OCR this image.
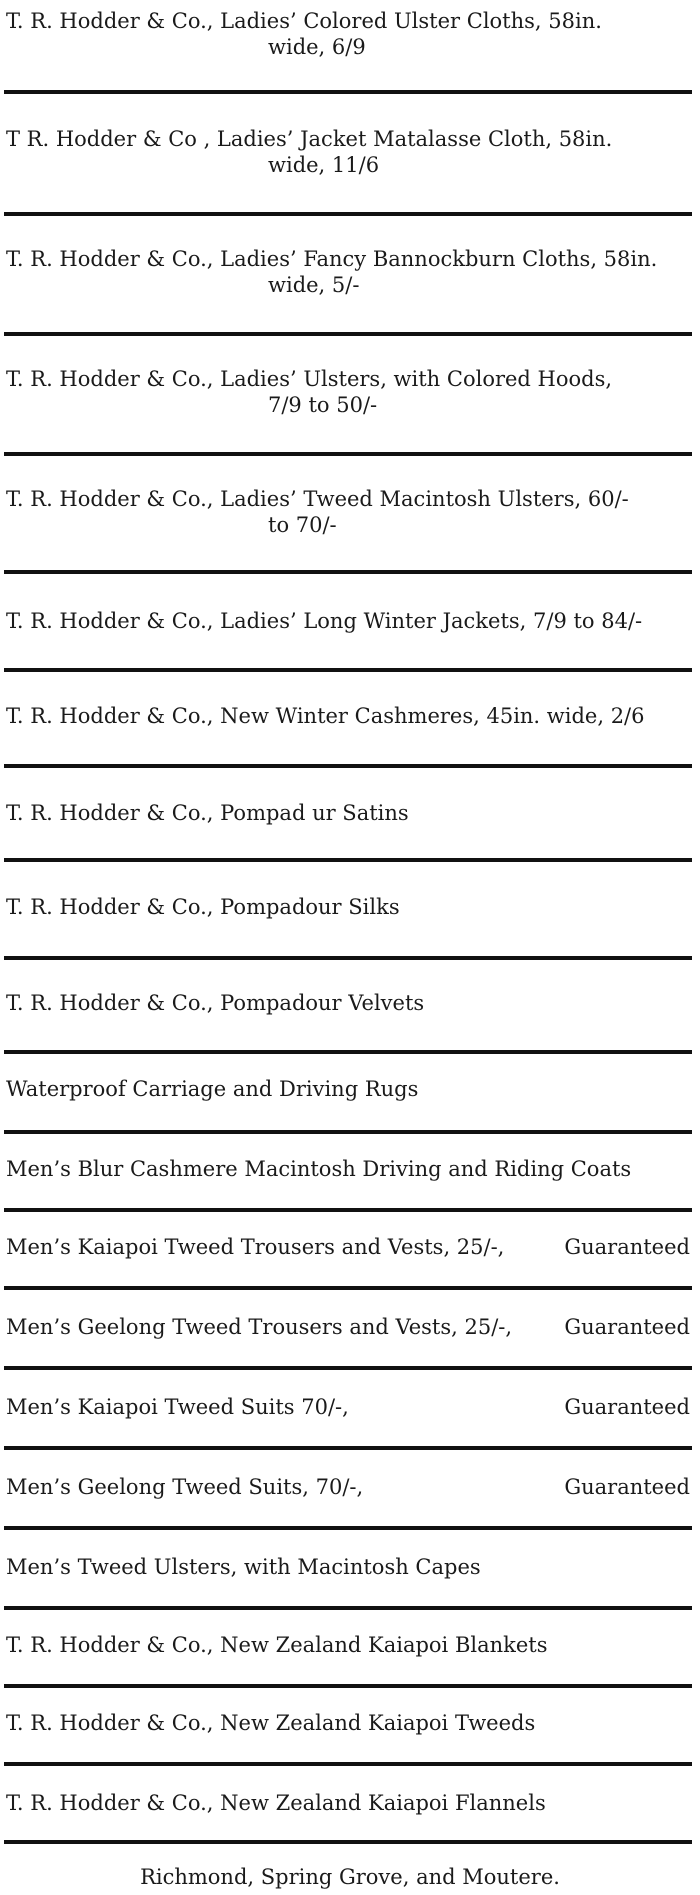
T. R. Hodder & Co., Ladies’ Colored Ulster Cloths, 58in.
wide, 6/9
T R. Hodder & Co , Ladies’ Jacket Matalasse Cloth, 58in.
wide, 11/6
T. R. Hodder & Co., Ladies’ Fancy Bannockburn Cloths, 58in.
wide, 5/-
T. R. Hodder & Co., Ladies’ Ulsters, with Colored Hoods,
7/9 to 50/-
T. R. Hodder & Co., Ladies’ Tweed Macintosh Ulsters, 60/-
to 70/-
T. R. Hodder & Co., Ladies’ Long Winter Jackets, 7/9 to 84/-
T. R. Hodder & Co., New Winter Cashmeres, 45in. wide, 2/6
T. R. Hodder & Co., Pompad ur Satins
T. R. Hodder & Co., Pompadour Silks
T. R. Hodder & Co., Pompadour Velvets
Waterproof Carriage and Driving Rugs
Men’s Blur Cashmere Macintosh Driving and Riding Coats
Men’s Kaiapoi Tweed Trousers and Vests, 25/-,	Guaranteed
Men’s Geelong Tweed Trousers and Vests, 25/-, Guaranteed
Men’s Kaiapoi Tweed Suits 70/-,	Guaranteed
Men’s Geelong Tweed Suits, 70/-,	Guaranteed
Men’s Tweed Ulsters, with Macintosh Capes
T. R. Hodder & Co., New Zealand Kaiapoi Blankets
T. R. Hodder & Co., New Zealand Kaiapoi Tweeds
T. R. Hodder & Co., New Zealand Kaiapoi Flannels
Richmond, Spring Grove, and Moutere.
